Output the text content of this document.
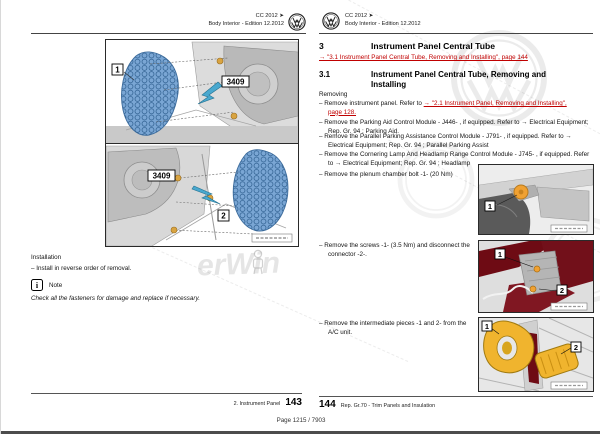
erWin
CC 2012 ➤
Body Interior - Edition 12.2012
1
3409
3409
2
Installation
– Install in reverse order of removal.
i Note
Check all the fasteners for damage and replace if necessary.
2. Instrument Panel 143
CC 2012 ➤
Body Interior - Edition 12.2012
3	Instrument Panel Central Tube
→ "3.1 Instrument Panel Central Tube, Removing and Installing", page 144
3.1	Instrument Panel Central Tube, Removing and Installing
Removing
– Remove instrument panel. Refer to → "2.1 Instrument Panel, Removing and Installing", page 128.
– Remove the Parking Aid Control Module - J446- , if equipped. Refer to → Electrical Equipment; Rep. Gr. 94 ; Parking Aid.
– Remove the Parallel Parking Assistance Control Module - J791- , if equipped. Refer to → Electrical Equipment; Rep. Gr. 94 ; Parallel Parking Assist
– Remove the Cornering Lamp And Headlamp Range Control Module - J745- , if equipped. Refer to → Electrical Equipment; Rep. Gr. 94 ; Headlamp
– Remove the plenum chamber bolt -1- (20 Nm)
– Remove the screws -1- (3.5 Nm) and disconnect the connector -2-.
– Remove the intermediate pieces -1 and 2- from the A/C unit.
1
1
2
1
2
144 Rep. Gr.70 - Trim Panels and Insulation
Page 1215 / 7903
